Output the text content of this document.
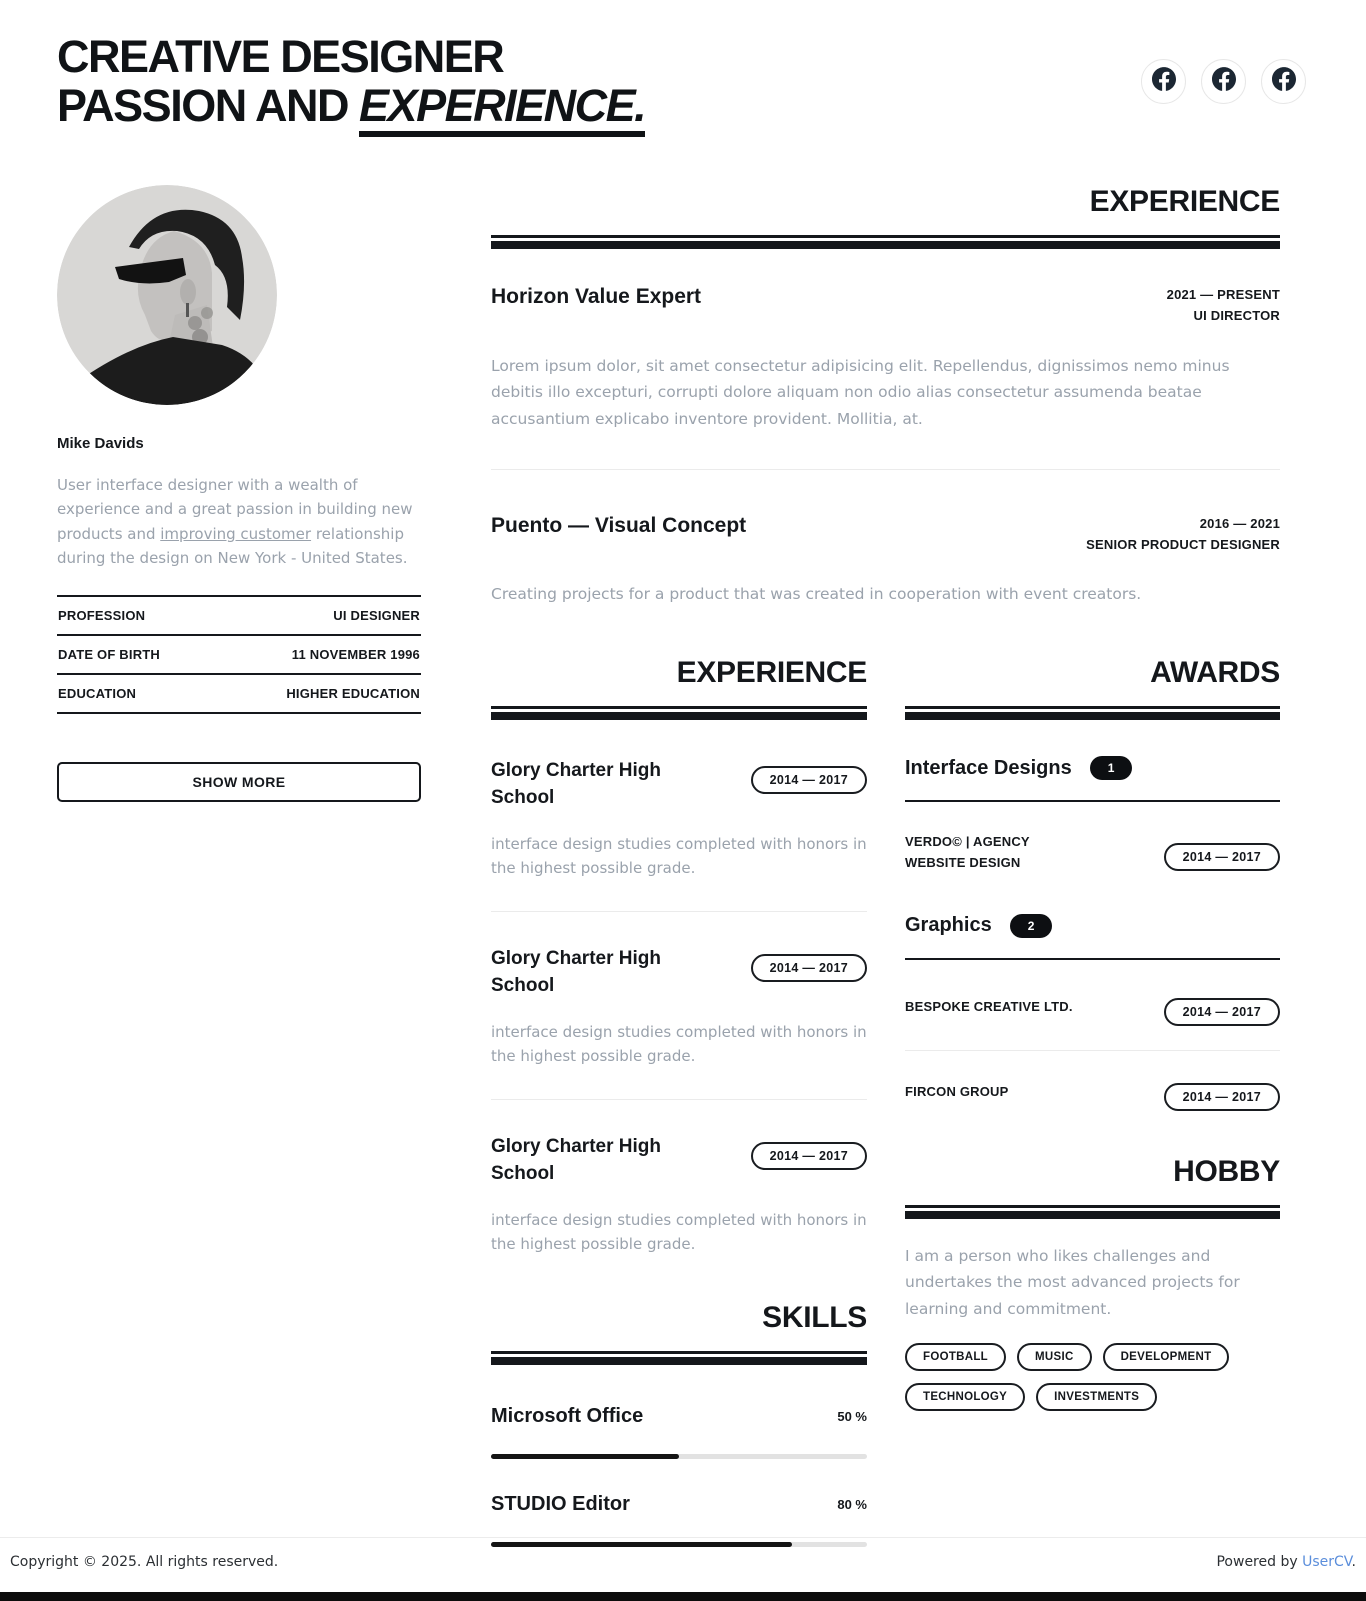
CREATIVE DESIGNER
PASSION AND EXPERIENCE.
Mike Davids

User interface designer with a wealth of experience and a great passion in building new products and improving customer relationship during the design on New York - United States.

PROFESSION	UI DESIGNER
DATE OF BIRTH	11 NOVEMBER 1996
EDUCATION	HIGHER EDUCATION
SHOW MORE
EXPERIENCE
Horizon Value Expert	2021 — PRESENT
UI DIRECTOR

Lorem ipsum dolor, sit amet consectetur adipisicing elit. Repellendus, dignissimos nemo minus debitis illo excepturi, corrupti dolore aliquam non odio alias consectetur assumenda beatae accusantium explicabo inventore provident. Mollitia, at.

Puento — Visual Concept	2016 — 2021
SENIOR PRODUCT DESIGNER

Creating projects for a product that was created in cooperation with event creators.

EXPERIENCE
Glory Charter High School
2014 — 2017

interface design studies completed with honors in the highest possible grade.

Glory Charter High School
2014 — 2017

interface design studies completed with honors in the highest possible grade.

Glory Charter High School
2014 — 2017

interface design studies completed with honors in the highest possible grade.

SKILLS
Microsoft Office	50 %
STUDIO Editor	80 %
AWARDS
Interface Designs	1
VERDO© | AGENCY
WEBSITE DESIGN	2014 — 2017
Graphics	2
BESPOKE CREATIVE LTD.	2014 — 2017
FIRCON GROUP	2014 — 2017
HOBBY

I am a person who likes challenges and undertakes the most advanced projects for learning and commitment.

FOOTBALL	MUSIC	DEVELOPMENT
TECHNOLOGY	INVESTMENTS
Copyright © 2025. All rights reserved.	Powered by UserCV.
